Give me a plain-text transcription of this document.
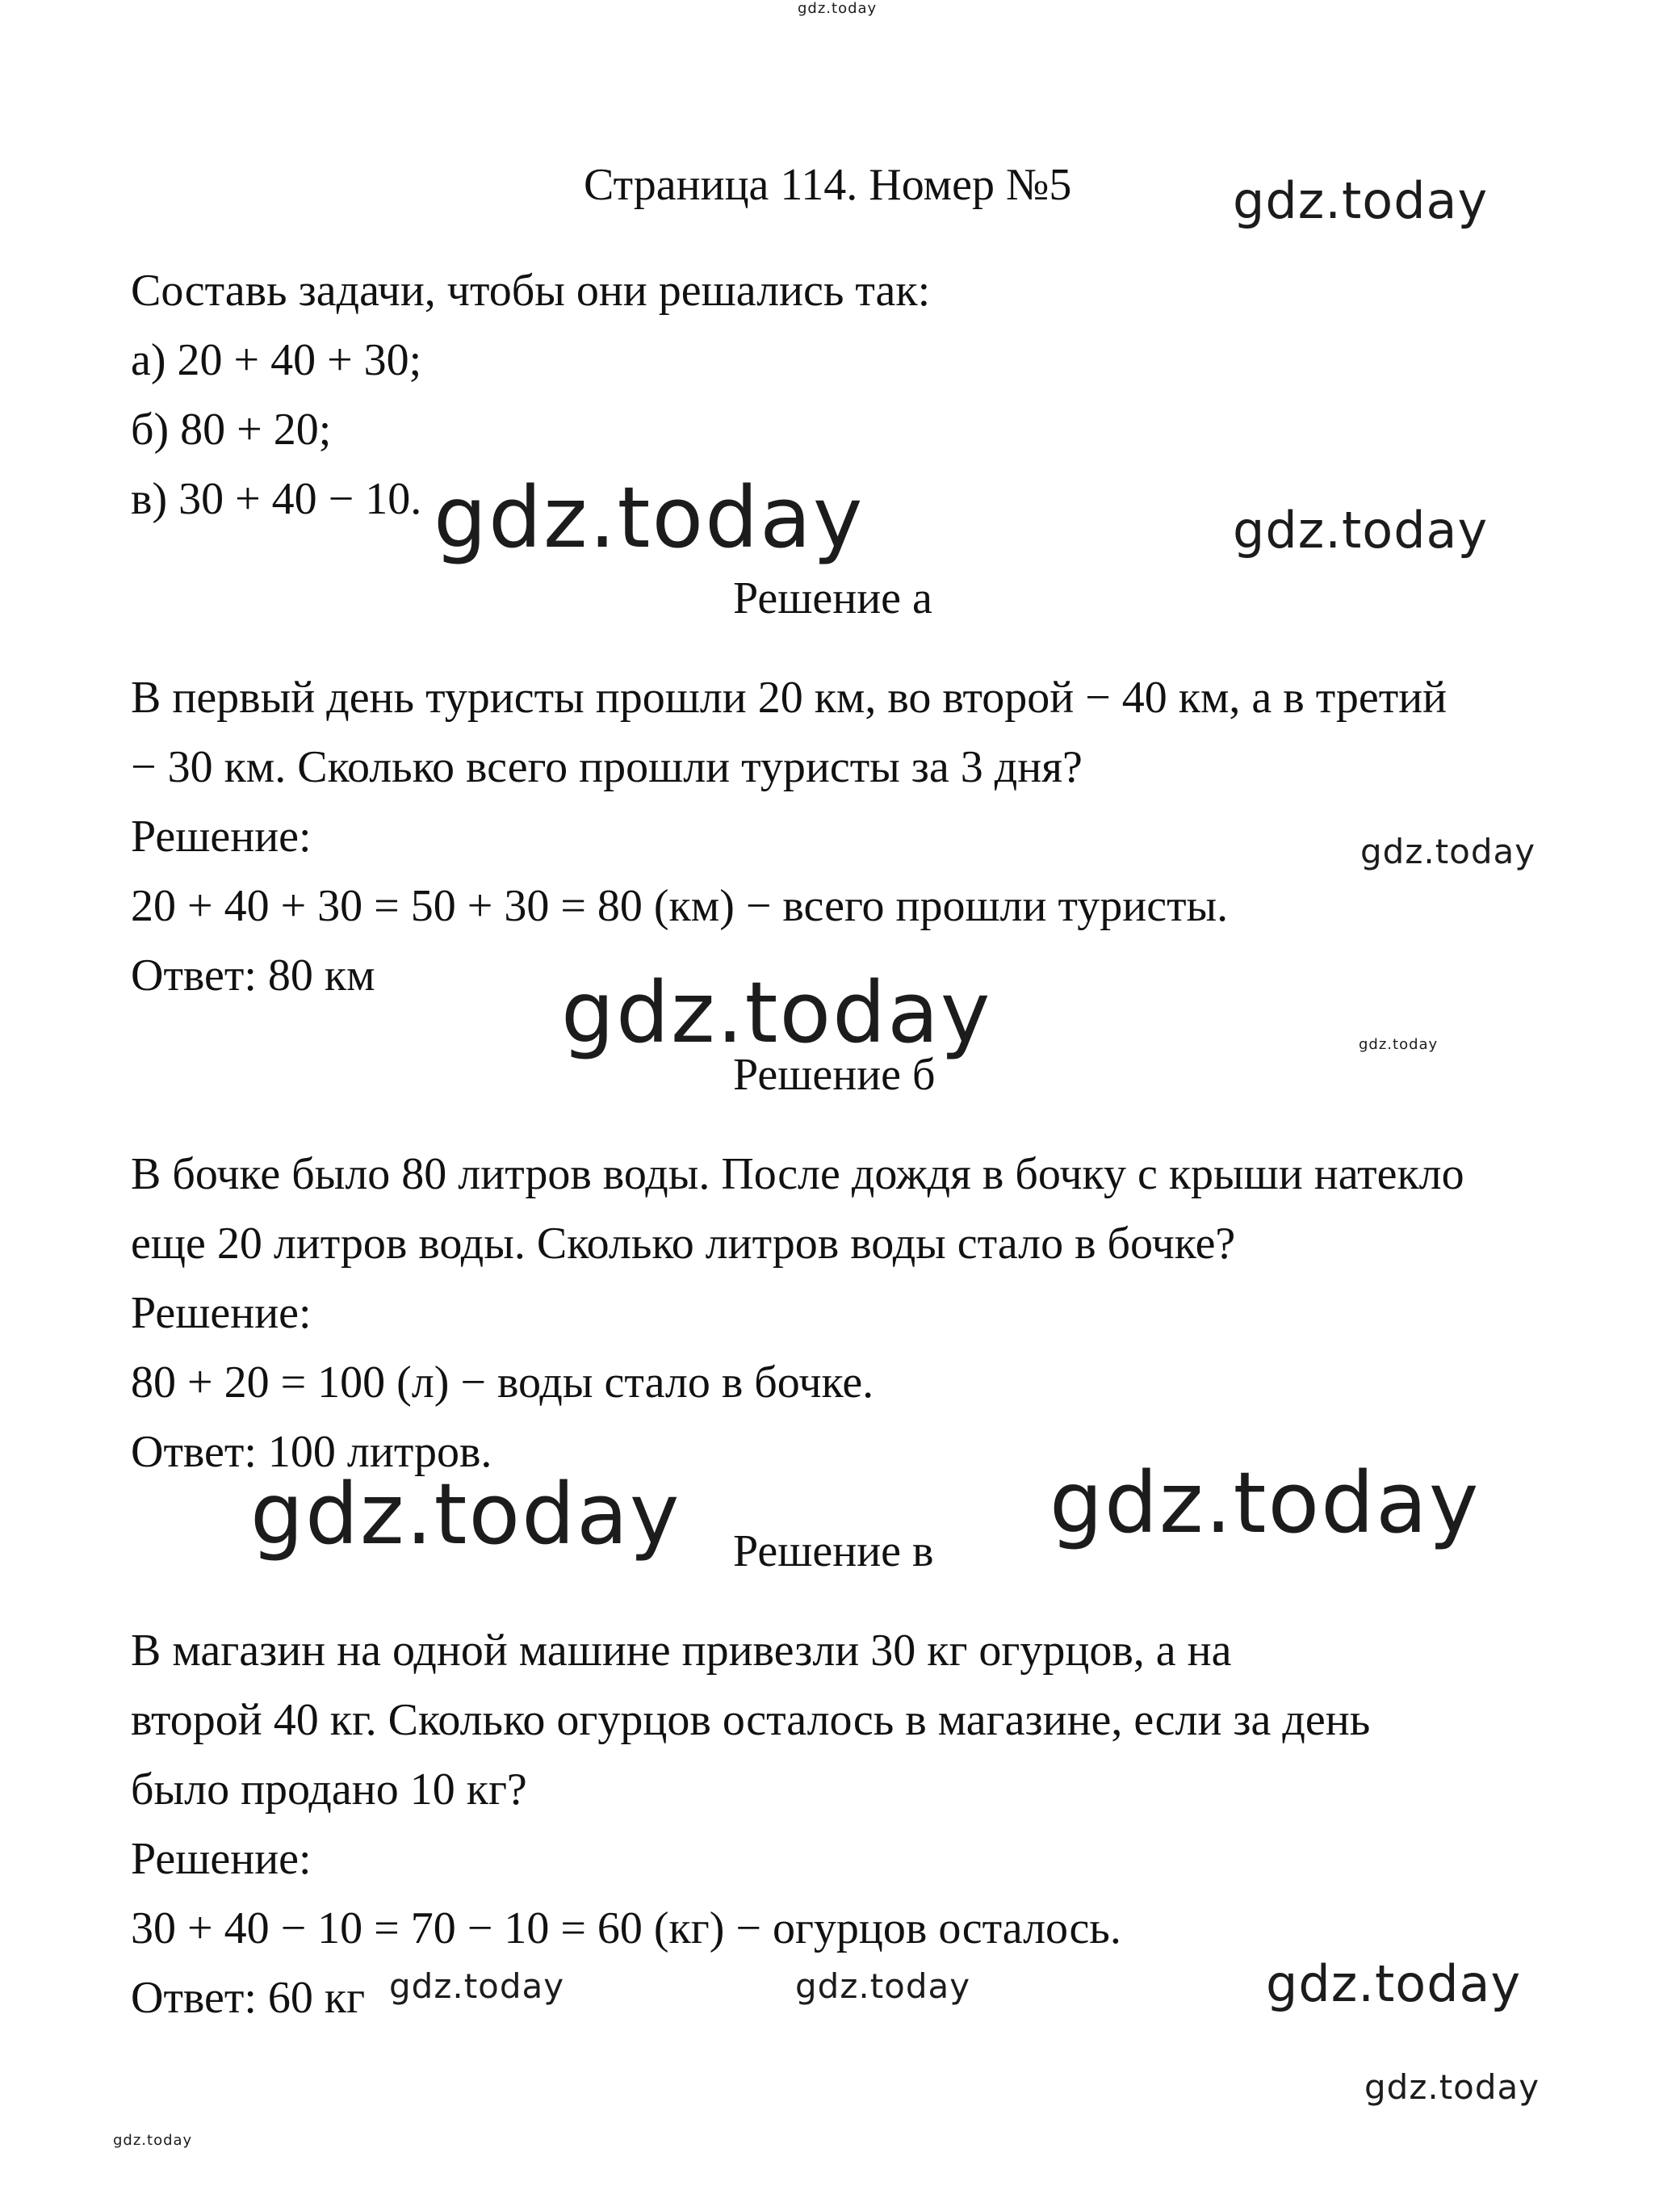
Страница 114. Номер №5

Составь задачи, чтобы они решались так:

а) 20 + 40 + 30;

б) 80 + 20;

в) 30 + 40 − 10.

Решение а

В первый день туристы прошли 20 км, во второй − 40 км, а в третий

− 30 км. Сколько всего прошли туристы за 3 дня?

Решение:

20 + 40 + 30 = 50 + 30 = 80 (км) − всего прошли туристы.

Ответ: 80 км

Решение б

В бочке было 80 литров воды. После дождя в бочку с крыши натекло

еще 20 литров воды. Сколько литров воды стало в бочке?

Решение:

80 + 20 = 100 (л) − воды стало в бочке.

Ответ: 100 литров.

Решение в

В магазин на одной машине привезли 30 кг огурцов, а на

второй 40 кг. Сколько огурцов осталось в магазине, если за день

было продано 10 кг?

Решение:

30 + 40 − 10 = 70 − 10 = 60 (кг) − огурцов осталось.

Ответ: 60 кг

gdz.today

gdz.today

gdz.today	gdz.today

gdz.today

gdz.today	gdz.today

gdz.today	gdz.today

gdz.today	gdz.today	gdz.today

gdz.today

gdz.today
